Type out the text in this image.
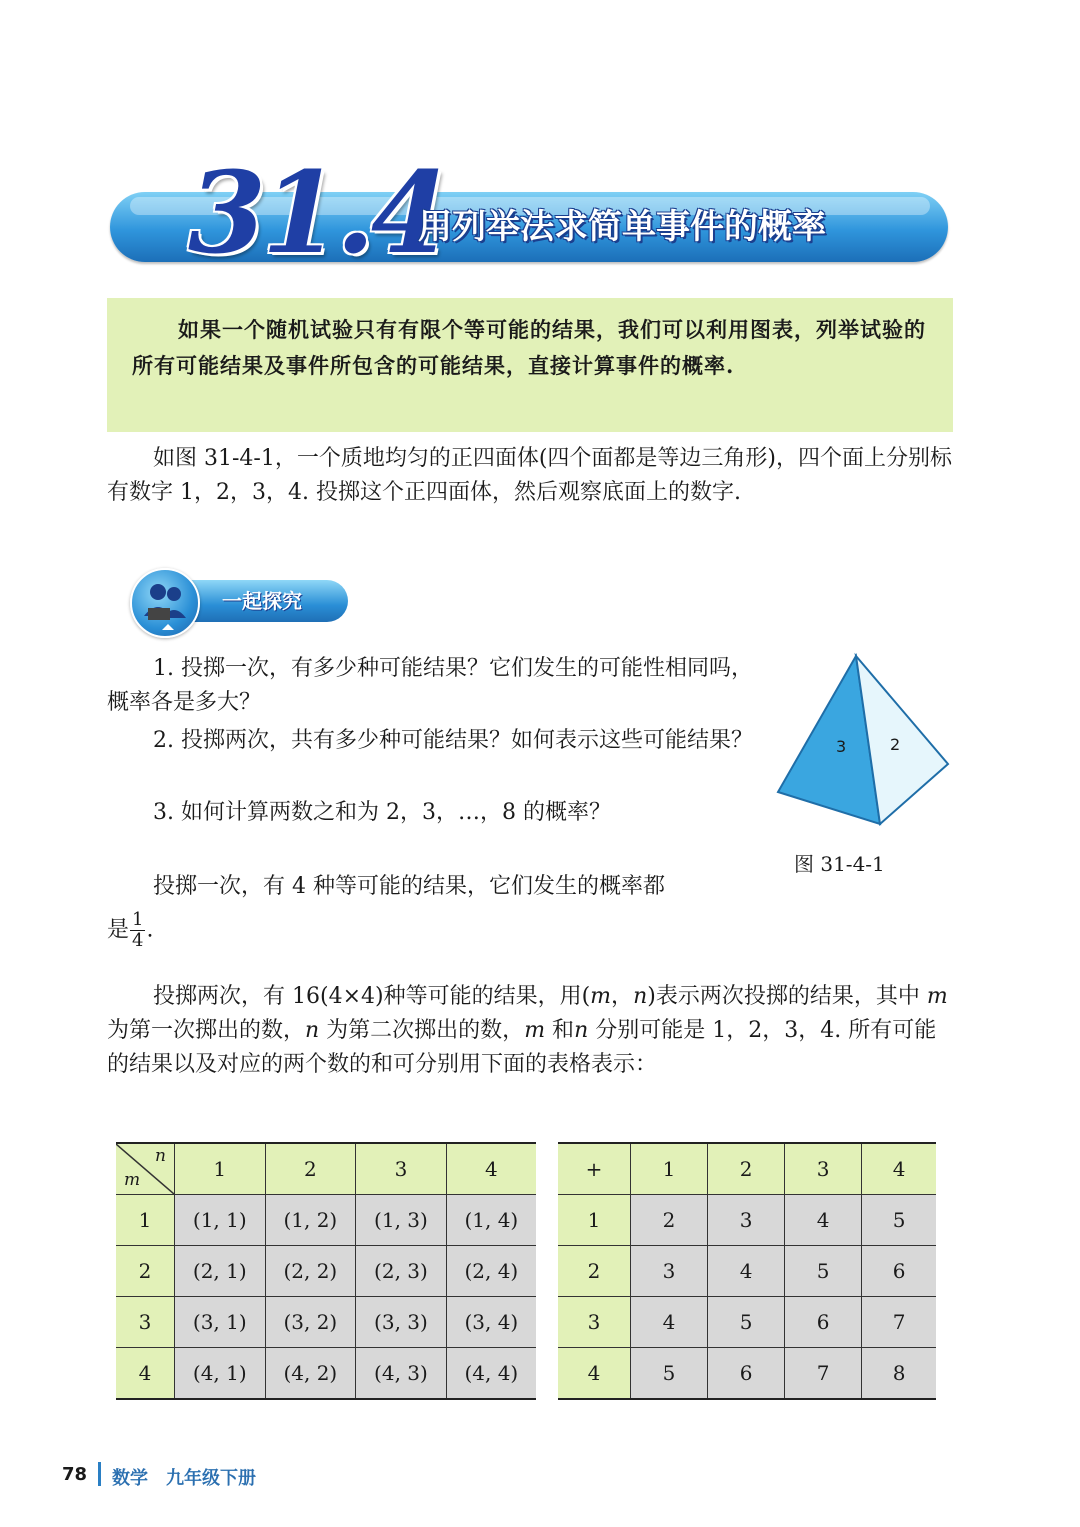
31.4
用列举法求简单事件的概率
如果一个随机试验只有有限个等可能的结果，我们可以利用图表，列举试验的所有可能结果及事件所包含的可能结果，直接计算事件的概率.
如图 31-4-1，一个质地均匀的正四面体(四个面都是等边三角形)，四个面上分别标有数字 1，2，3，4. 投掷这个正四面体，然后观察底面上的数字.
一起探究
1. 投掷一次，有多少种可能结果？它们发生的可能性相同吗，概率各是多大？
2. 投掷两次，共有多少种可能结果？如何表示这些可能结果？
3. 如何计算两数之和为 2，3，…，8 的概率？
3	2
图 31-4-1
投掷一次，有 4 种等可能的结果，它们发生的概率都
是 $\frac{1}{4}$ .
投掷两次，有 16(4×4)种等可能的结果，用(m，n)表示两次投掷的结果，其中 m 为第一次掷出的数，n 为第二次掷出的数，m 和n 分别可能是 1，2，3，4. 所有可能的结果以及对应的两个数的和可分别用下面的表格表示：
n
m	1	2	3	4
1	(1, 1)	(1, 2)	(1, 3)	(1, 4)
2	(2, 1)	(2, 2)	(2, 3)	(2, 4)
3	(3, 1)	(3, 2)	(3, 3)	(3, 4)
4	(4, 1)	(4, 2)	(4, 3)	(4, 4)
+	1	2	3	4
1	2	3	4	5
2	3	4	5	6
3	4	5	6	7
4	5	6	7	8
78 数学　九年级下册
